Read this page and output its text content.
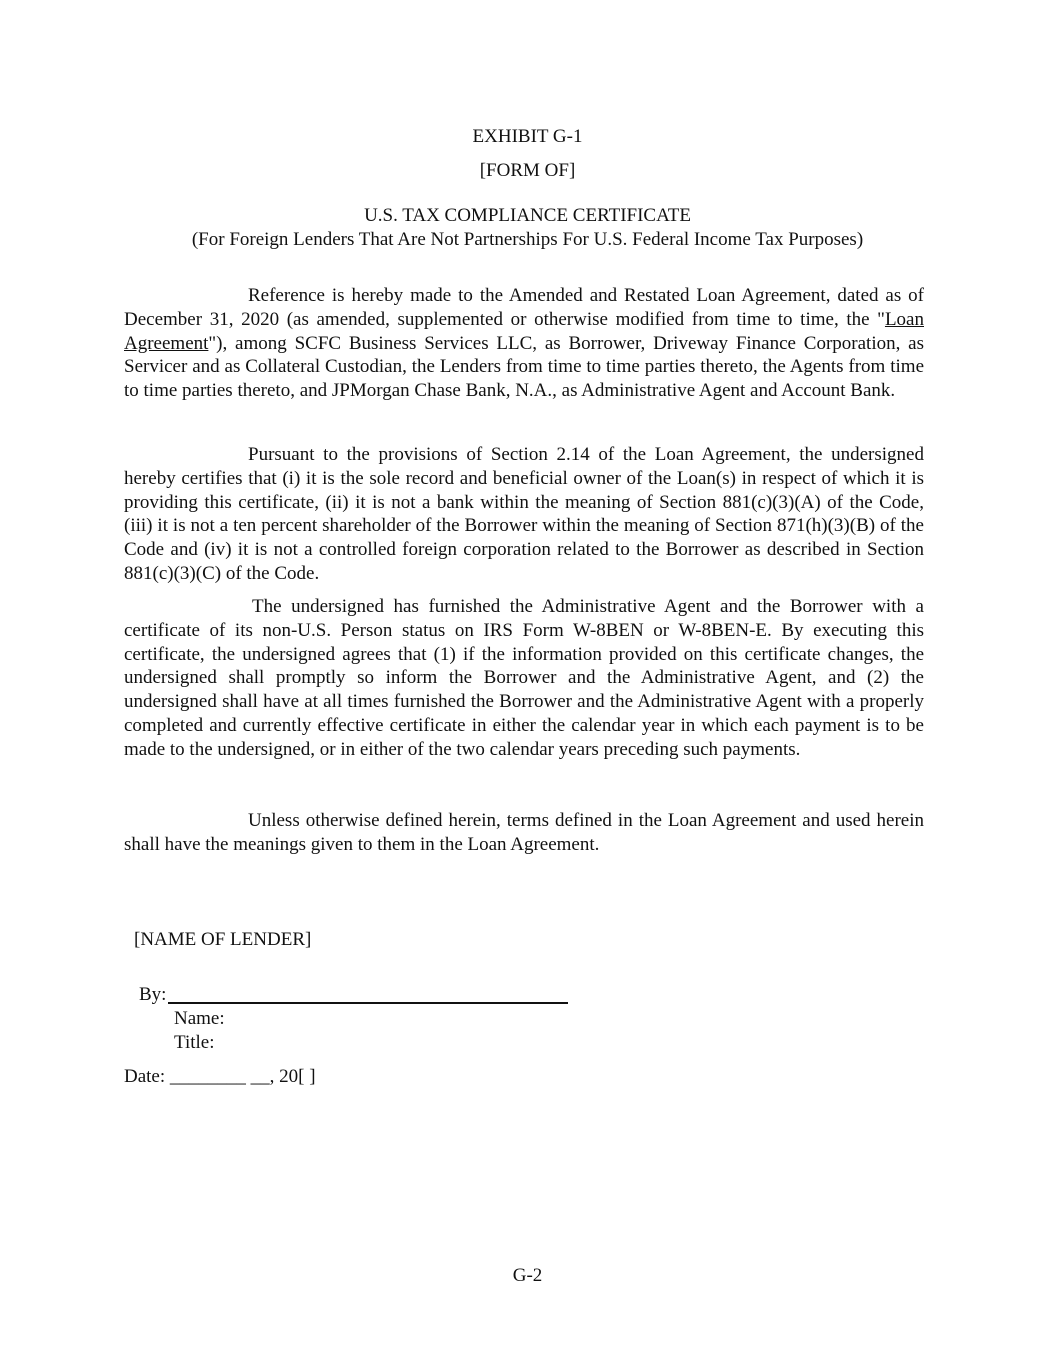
EXHIBIT G-1
[FORM OF]
U.S. TAX COMPLIANCE CERTIFICATE
(For Foreign Lenders That Are Not Partnerships For U.S. Federal Income Tax Purposes)

Reference is hereby made to the Amended and Restated Loan Agreement, dated as of December 31, 2020 (as amended, supplemented or otherwise modified from time to time, the "Loan Agreement"), among SCFC Business Services LLC, as Borrower, Driveway Finance Corporation, as Servicer and as Collateral Custodian, the Lenders from time to time parties thereto, the Agents from time to time parties thereto, and JPMorgan Chase Bank, N.A., as Administrative Agent and Account Bank.

Pursuant to the provisions of Section 2.14 of the Loan Agreement, the undersigned hereby certifies that (i) it is the sole record and beneficial owner of the Loan(s) in respect of which it is providing this certificate, (ii) it is not a bank within the meaning of Section 881(c)(3)(A) of the Code, (iii) it is not a ten percent shareholder of the Borrower within the meaning of Section 871(h)(3)(B) of the Code and (iv) it is not a controlled foreign corporation related to the Borrower as described in Section 881(c)(3)(C) of the Code.

The undersigned has furnished the Administrative Agent and the Borrower with a certificate of its non-U.S. Person status on IRS Form W-8BEN or W-8BEN-E. By executing this certificate, the undersigned agrees that (1) if the information provided on this certificate changes, the undersigned shall promptly so inform the Borrower and the Administrative Agent, and (2) the undersigned shall have at all times furnished the Borrower and the Administrative Agent with a properly completed and currently effective certificate in either the calendar year in which each payment is to be made to the undersigned, or in either of the two calendar years preceding such payments.

Unless otherwise defined herein, terms defined in the Loan Agreement and used herein shall have the meanings given to them in the Loan Agreement.

[NAME OF LENDER]
By:
Name:
Title:
Date: ________ __, 20[ ]
G-2
